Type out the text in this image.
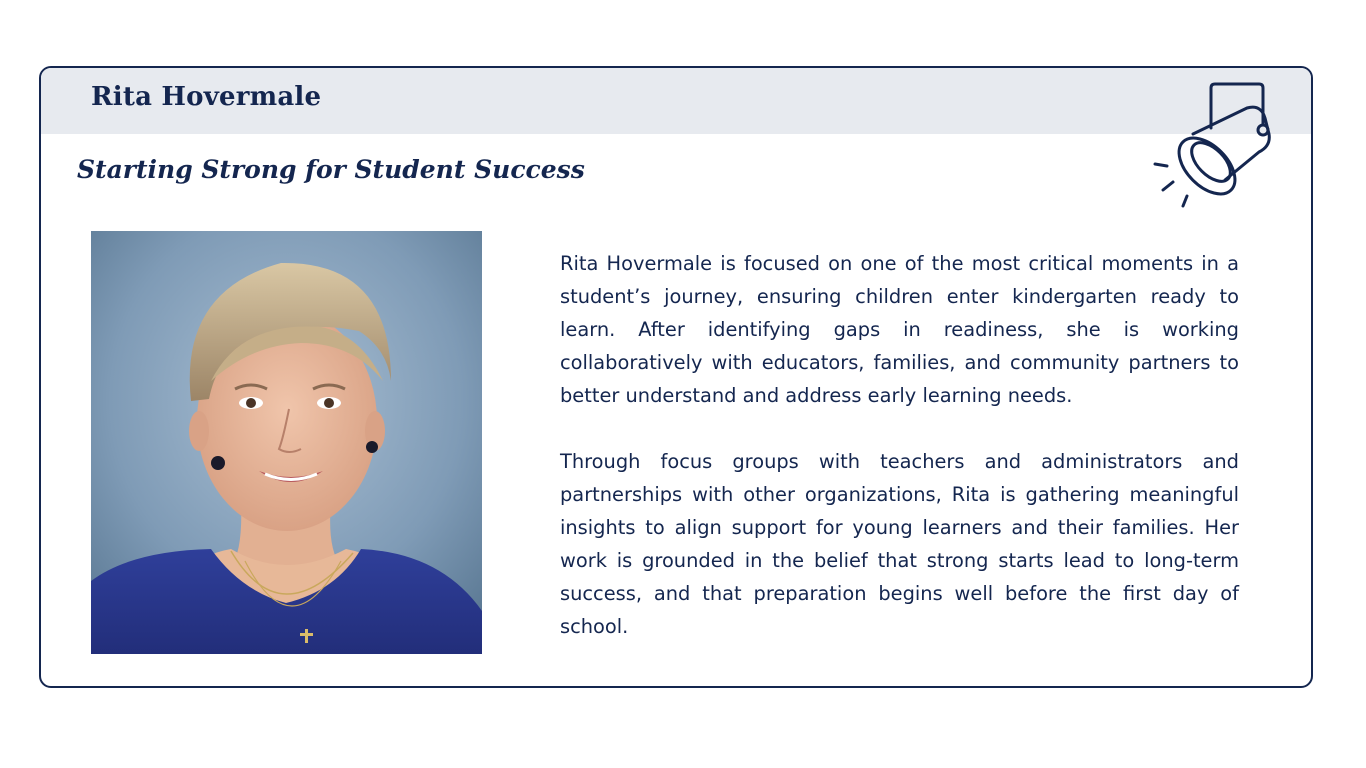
Rita Hovermale
Starting Strong for Student Success

Rita Hovermale is focused on one of the most critical moments in a student’s journey, ensuring children enter kindergarten ready to learn. After identifying gaps in readiness, she is working collaboratively with educators, families, and community partners to better understand and address early learning needs.

Through focus groups with teachers and administrators and partnerships with other organizations, Rita is gathering meaningful insights to align support for young learners and their families. Her work is grounded in the belief that strong starts lead to long-term success, and that preparation begins well before the first day of school.
